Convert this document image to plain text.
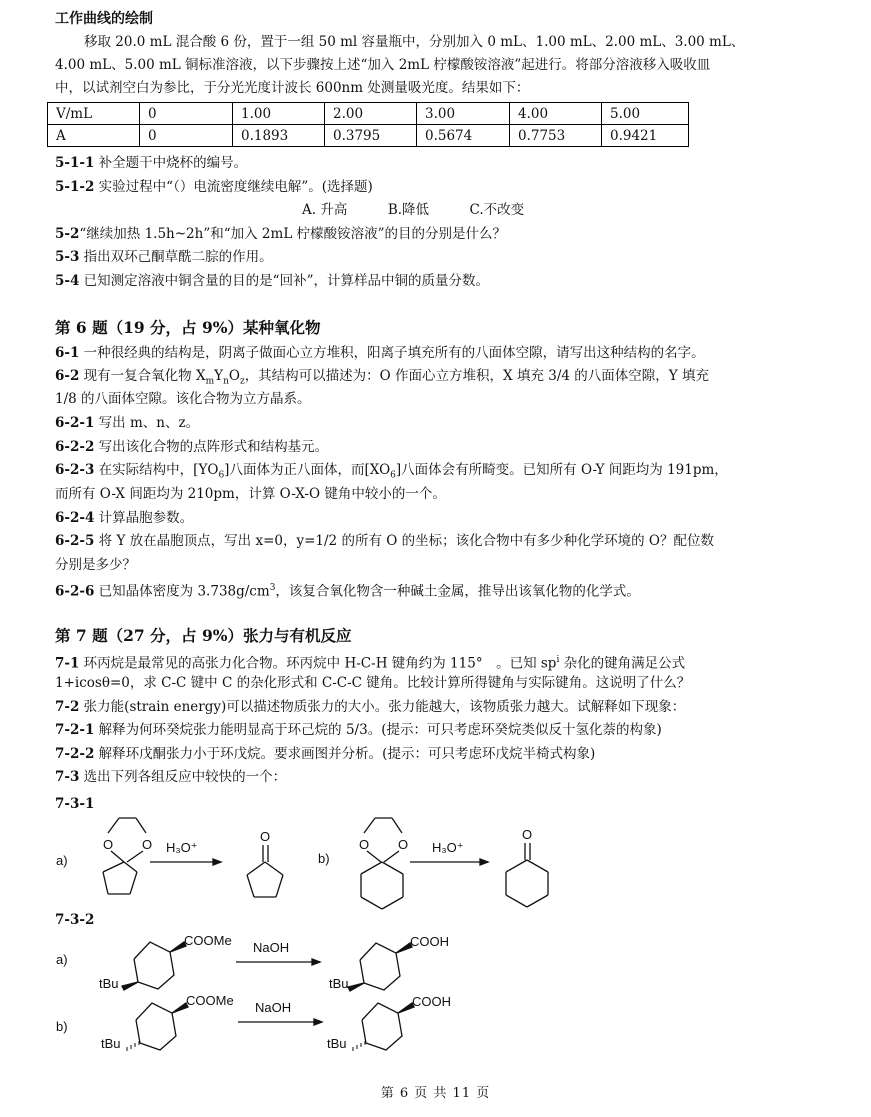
工作曲线的绘制
移取 20.0 mL 混合酸 6 份，置于一组 50 ml 容量瓶中，分别加入 0 mL、1.00 mL、2.00 mL、3.00 mL、
4.00 mL、5.00 mL 铜标准溶液，以下步骤按上述“加入 2mL 柠檬酸铵溶液”起进行。将部分溶液移入吸收皿
中，以试剂空白为参比，于分光光度计波长 600nm 处测量吸光度。结果如下：
V/mL	0	1.00	2.00	3.00	4.00	5.00
A	0	0.1893	0.3795	0.5674	0.7753	0.9421
5-1-1 补全题干中烧杯的编号。
5-1-2 实验过程中“（）电流密度继续电解”。(选择题)
A. 升高　　　B.降低　　　C.不改变
5-2“继续加热 1.5h~2h”和“加入 2mL 柠檬酸铵溶液”的目的分别是什么？
5-3 指出双环己酮草酰二腙的作用。
5-4 已知测定溶液中铜含量的目的是“回补”，计算样品中铜的质量分数。
第 6 题（19 分，占 9%）某种氧化物
6-1 一种很经典的结构是，阴离子做面心立方堆积，阳离子填充所有的八面体空隙，请写出这种结构的名字。
6-2 现有一复合氧化物 $X_mY_nO_z$，其结构可以描述为：O 作面心立方堆积，X 填充 3/4 的八面体空隙，Y 填充
1/8 的八面体空隙。该化合物为立方晶系。
6-2-1 写出 m、n、z。
6-2-2 写出该化合物的点阵形式和结构基元。
6-2-3 在实际结构中，$[YO_6]$八面体为正八面体，而$[XO_6]$八面体会有所畸变。已知所有 O-Y 间距均为 191pm，
而所有 O-X 间距均为 210pm，计算 O-X-O 键角中较小的一个。
6-2-4 计算晶胞参数。
6-2-5 将 Y 放在晶胞顶点，写出 x=0，y=1/2 的所有 O 的坐标；该化合物中有多少种化学环境的 O？配位数
分别是多少？
6-2-6 已知晶体密度为 $3.738g/cm^3$，该复合氧化物含一种碱土金属，推导出该氧化物的化学式。
第 7 题（27 分，占 9%）张力与有机反应
7-1 环丙烷是最常见的高张力化合物。环丙烷中 H-C-H 键角约为 115°　。已知 $sp^i$ 杂化的键角满足公式
1+icosθ=0，求 C-C 键中 C 的杂化形式和 C-C-C 键角。比较计算所得键角与实际键角。这说明了什么？
7-2 张力能(strain energy)可以描述物质张力的大小。张力能越大，该物质张力越大。试解释如下现象：
7-2-1 解释为何环癸烷张力能明显高于环己烷的 5/3。(提示：可只考虑环癸烷类似反十氢化萘的构象)
7-2-2 解释环戊酮张力小于环戊烷。要求画图并分析。(提示：可只考虑环戊烷半椅式构象)
7-3 选出下列各组反应中较快的一个：
7-3-1
7-3-2
a)
O O H₃O⁺
O
b)
O O H₃O⁺
O
a)
COOMe NaOH	COOH
tBu	tBu
b)
COOMe NaOH	COOH
tBu	tBu
第 6 页 共 11 页
